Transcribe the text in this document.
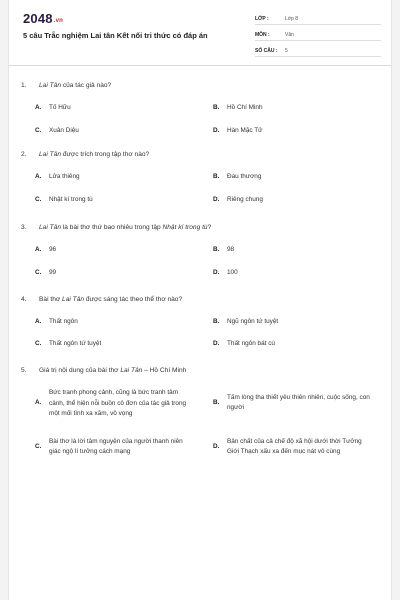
2048.vn
5 câu Trắc nghiệm Lai tân Kết nối tri thức có đáp án
LỚP :	Lớp 8
MÔN :	Văn
SỐ CÂU : 5
1. Lai Tân của tác giả nào?
A. Tố Hữu	B. Hồ Chí Minh
C. Xuân Diệu	D. Hàn Mặc Tử
2. Lai Tân được trích trong tập thơ nào?
A. Lửa thiêng	B. Đau thương
C. Nhật kí trong tù	D. Riêng chung
3. Lai Tân là bài thơ thứ bao nhiêu trong tập Nhật kí trong tù?
A. 96	B. 98
C. 99	D. 100
4. Bài thơ Lai Tân được sáng tác theo thể thơ nào?
A. Thất ngôn	B. Ngũ ngôn tứ tuyệt
C. Thất ngôn tứ tuyệt	D. Thất ngôn bát cú
5. Giá trị nội dung của bài thơ Lai Tân – Hồ Chí Minh
A.
Bức tranh phong cảnh, cũng là bức tranh tâm cảnh, thể hiện nỗi buồn cô đơn của tác giả trong một mối tình xa xăm, vô vọng
B.
Tấm lòng tha thiết yêu thiên nhiên, cuộc sống, con người
C.
Bài thơ là lời tâm nguyện của người thanh niên giác ngộ lí tưởng cách mạng
D.
Bản chất của cả chế độ xã hội dưới thời Tưởng Giới Thạch xấu xa đến mục nát vô cùng
